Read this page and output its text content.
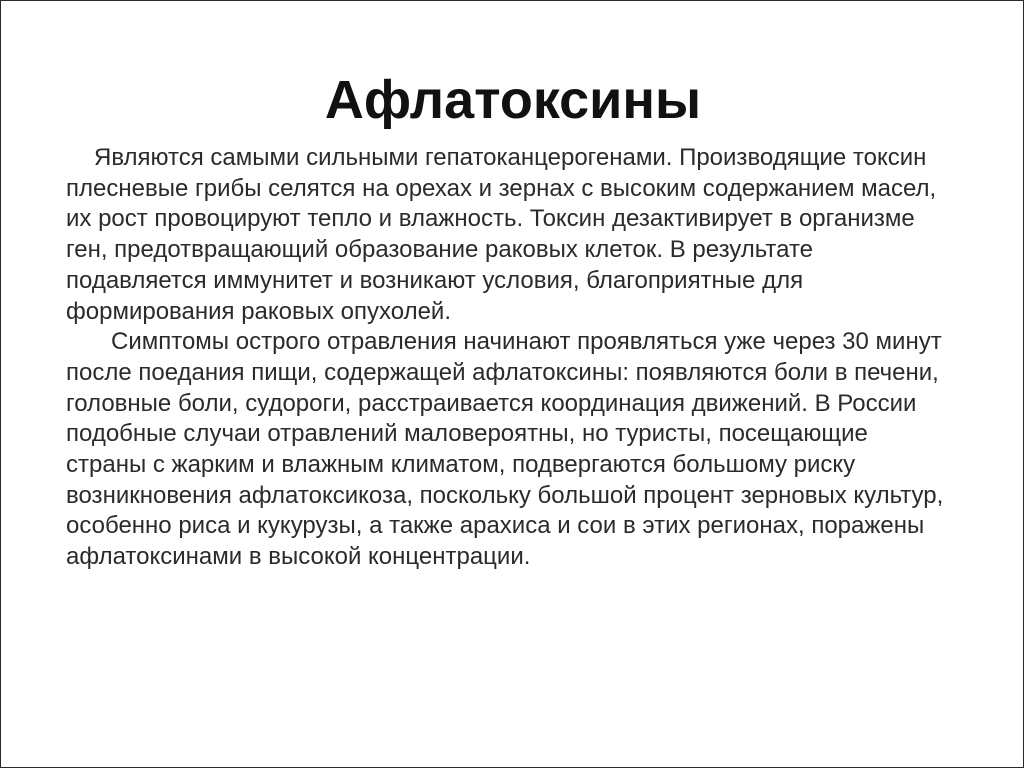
Афлатоксины
Являются самыми сильными гепатоканцерогенами. Производящие токсин
плесневые грибы селятся на орехах и зернах с высоким содержанием масел,
их рост провоцируют тепло и влажность. Токсин дезактивирует в организме
ген, предотвращающий образование раковых клеток. В результате
подавляется иммунитет и возникают условия, благоприятные для
формирования раковых опухолей.
Симптомы острого отравления начинают проявляться уже через 30 минут
после поедания пищи, содержащей афлатоксины: появляются боли в печени,
головные боли, судороги, расстраивается координация движений. В России
подобные случаи отравлений маловероятны, но туристы, посещающие
страны с жарким и влажным климатом, подвергаются большому риску
возникновения афлатоксикоза, поскольку большой процент зерновых культур,
особенно риса и кукурузы, а также арахиса и сои в этих регионах, поражены
афлатоксинами в высокой концентрации.
